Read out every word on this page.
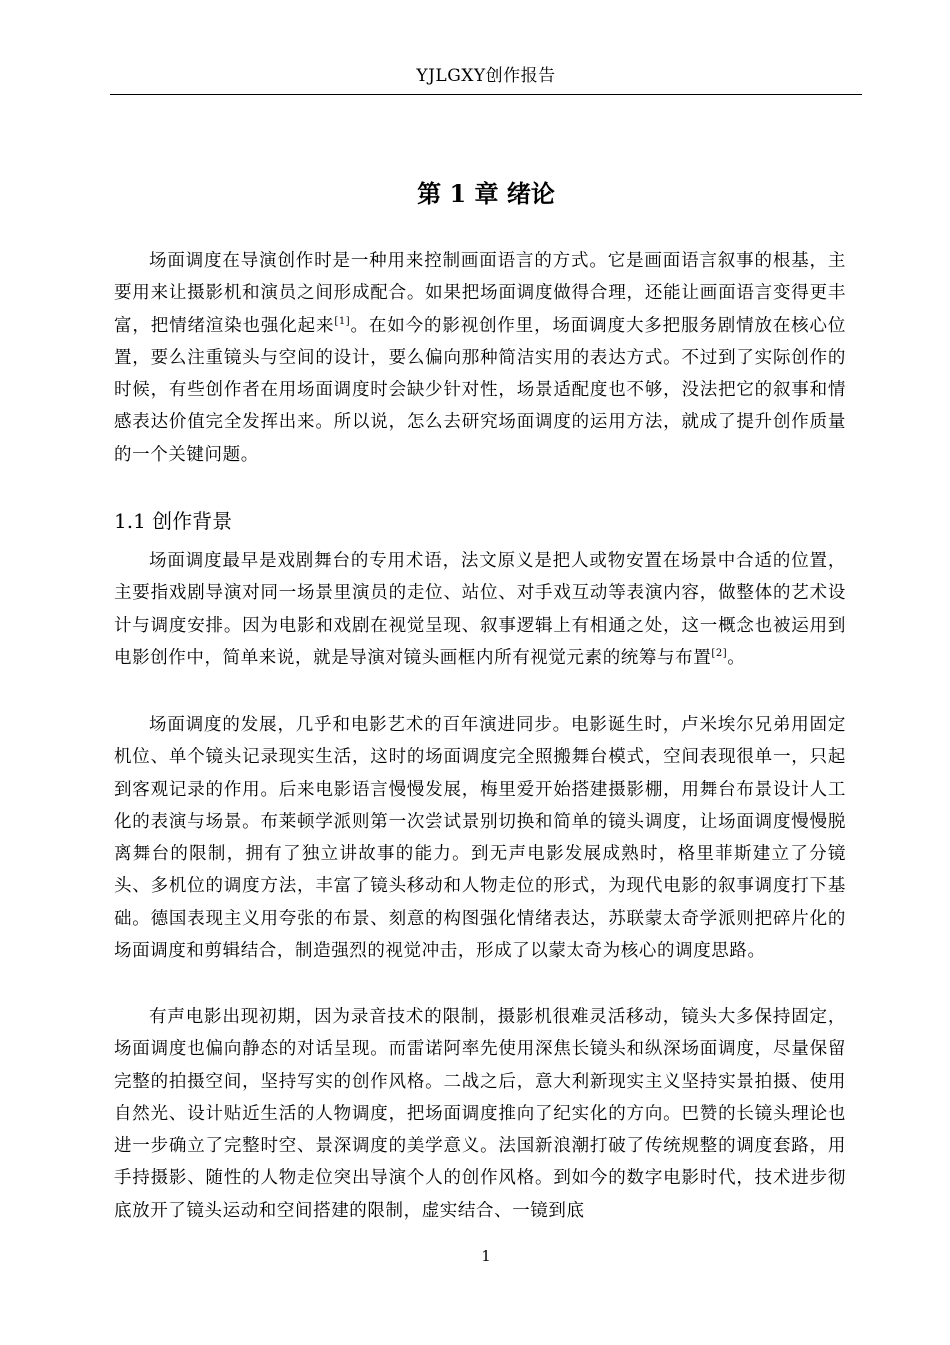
YJLGXY创作报告
第 1 章 绪论

场面调度在导演创作时是一种用来控制画面语言的方式。它是画面语言叙事的根基，主要用来让摄影机和演员之间形成配合。如果把场面调度做得合理，还能让画面语言变得更丰富，把情绪渲染也强化起来[1]。在如今的影视创作里，场面调度大多把服务剧情放在核心位置，要么注重镜头与空间的设计，要么偏向那种简洁实用的表达方式。不过到了实际创作的时候，有些创作者在用场面调度时会缺少针对性，场景适配度也不够，没法把它的叙事和情感表达价值完全发挥出来。所以说，怎么去研究场面调度的运用方法，就成了提升创作质量的一个关键问题。

1.1 创作背景

场面调度最早是戏剧舞台的专用术语，法文原义是把人或物安置在场景中合适的位置，主要指戏剧导演对同一场景里演员的走位、站位、对手戏互动等表演内容，做整体的艺术设计与调度安排。因为电影和戏剧在视觉呈现、叙事逻辑上有相通之处，这一概念也被运用到电影创作中，简单来说，就是导演对镜头画框内所有视觉元素的统筹与布置[2]。

场面调度的发展，几乎和电影艺术的百年演进同步。电影诞生时，卢米埃尔兄弟用固定机位、单个镜头记录现实生活，这时的场面调度完全照搬舞台模式，空间表现很单一，只起到客观记录的作用。后来电影语言慢慢发展，梅里爱开始搭建摄影棚，用舞台布景设计人工化的表演与场景。布莱顿学派则第一次尝试景别切换和简单的镜头调度，让场面调度慢慢脱离舞台的限制，拥有了独立讲故事的能力。到无声电影发展成熟时，格里菲斯建立了分镜头、多机位的调度方法，丰富了镜头移动和人物走位的形式，为现代电影的叙事调度打下基础。德国表现主义用夸张的布景、刻意的构图强化情绪表达，苏联蒙太奇学派则把碎片化的场面调度和剪辑结合，制造强烈的视觉冲击，形成了以蒙太奇为核心的调度思路。

有声电影出现初期，因为录音技术的限制，摄影机很难灵活移动，镜头大多保持固定，场面调度也偏向静态的对话呈现。而雷诺阿率先使用深焦长镜头和纵深场面调度，尽量保留完整的拍摄空间，坚持写实的创作风格。二战之后，意大利新现实主义坚持实景拍摄、使用自然光、设计贴近生活的人物调度，把场面调度推向了纪实化的方向。巴赞的长镜头理论也进一步确立了完整时空、景深调度的美学意义。法国新浪潮打破了传统规整的调度套路，用手持摄影、随性的人物走位突出导演个人的创作风格。到如今的数字电影时代，技术进步彻底放开了镜头运动和空间搭建的限制，虚实结合、一镜到底

1
